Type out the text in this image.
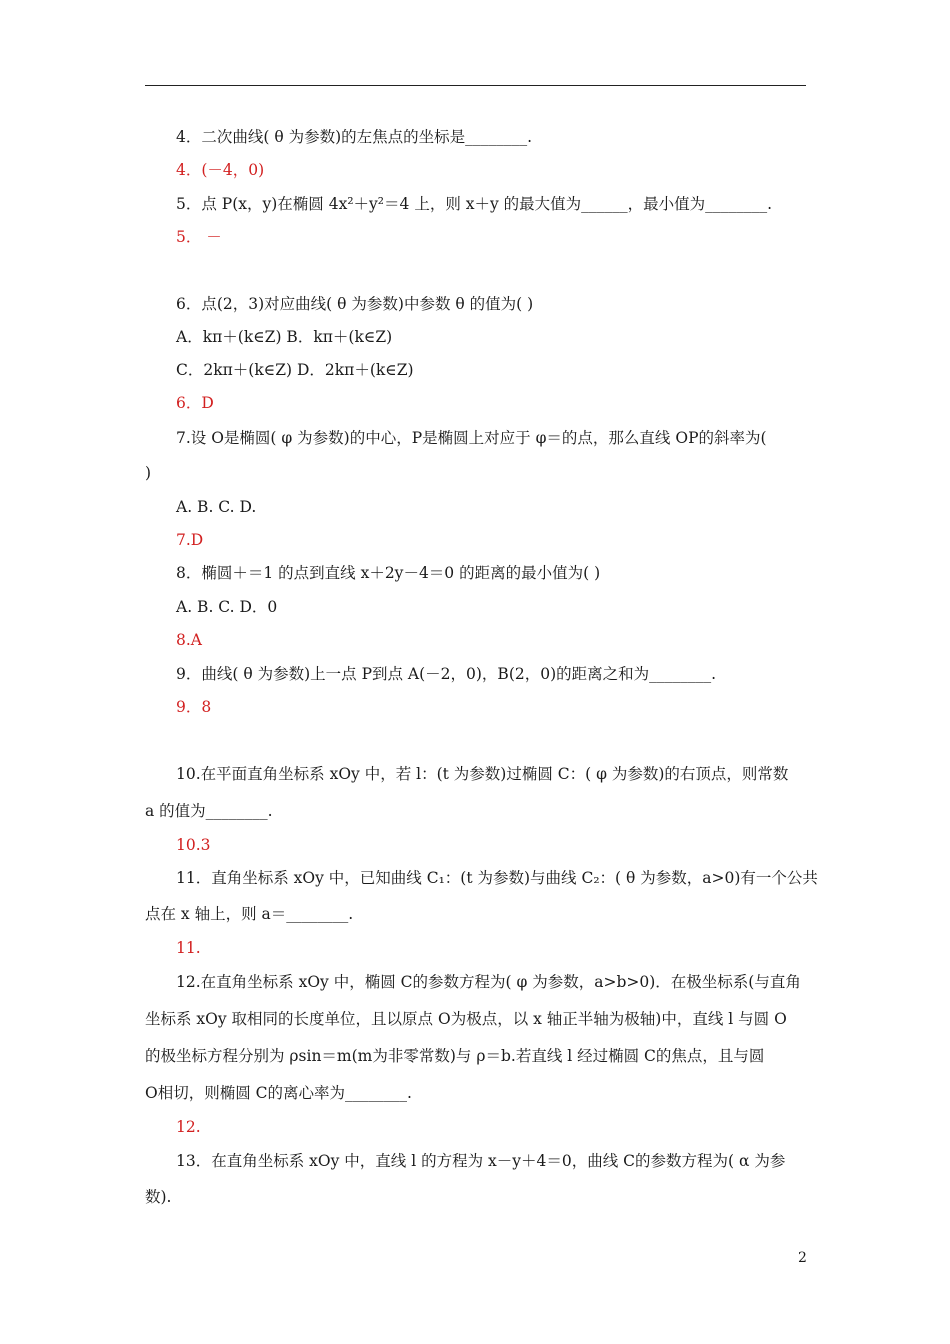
4．二次曲线( θ 为参数)的左焦点的坐标是________.
4．(－4，0)
5．点 P(x，y)在椭圆 4x²＋y²＝4 上，则 x＋y 的最大值为______，最小值为________.
5． －
6．点(2，3)对应曲线( θ 为参数)中参数 θ 的值为( )
A．kπ＋(k∈Z) B．kπ＋(k∈Z)
C．2kπ＋(k∈Z) D．2kπ＋(k∈Z)
6．D
7.设 O是椭圆( φ 为参数)的中心，P是椭圆上对应于 φ＝的点，那么直线 OP的斜率为(
)
A. B. C. D.
7.D
8．椭圆＋＝1 的点到直线 x＋2y－4＝0 的距离的最小值为( )
A. B. C. D．0
8.A
9．曲线( θ 为参数)上一点 P到点 A(－2，0)，B(2，0)的距离之和为________.
9．8
10.在平面直角坐标系 xOy 中，若 l：(t 为参数)过椭圆 C：( φ 为参数)的右顶点，则常数
a 的值为________.
10.3
11．直角坐标系 xOy 中，已知曲线 C₁：(t 为参数)与曲线 C₂：( θ 为参数，a>0)有一个公共
点在 x 轴上，则 a＝________.
11.
12.在直角坐标系 xOy 中，椭圆 C的参数方程为( φ 为参数，a>b>0)．在极坐标系(与直角
坐标系 xOy 取相同的长度单位，且以原点 O为极点，以 x 轴正半轴为极轴)中，直线 l 与圆 O
的极坐标方程分别为 ρsin＝m(m为非零常数)与 ρ＝b.若直线 l 经过椭圆 C的焦点，且与圆
O相切，则椭圆 C的离心率为________.
12.
13．在直角坐标系 xOy 中，直线 l 的方程为 x－y＋4＝0，曲线 C的参数方程为( α 为参
数).
2
